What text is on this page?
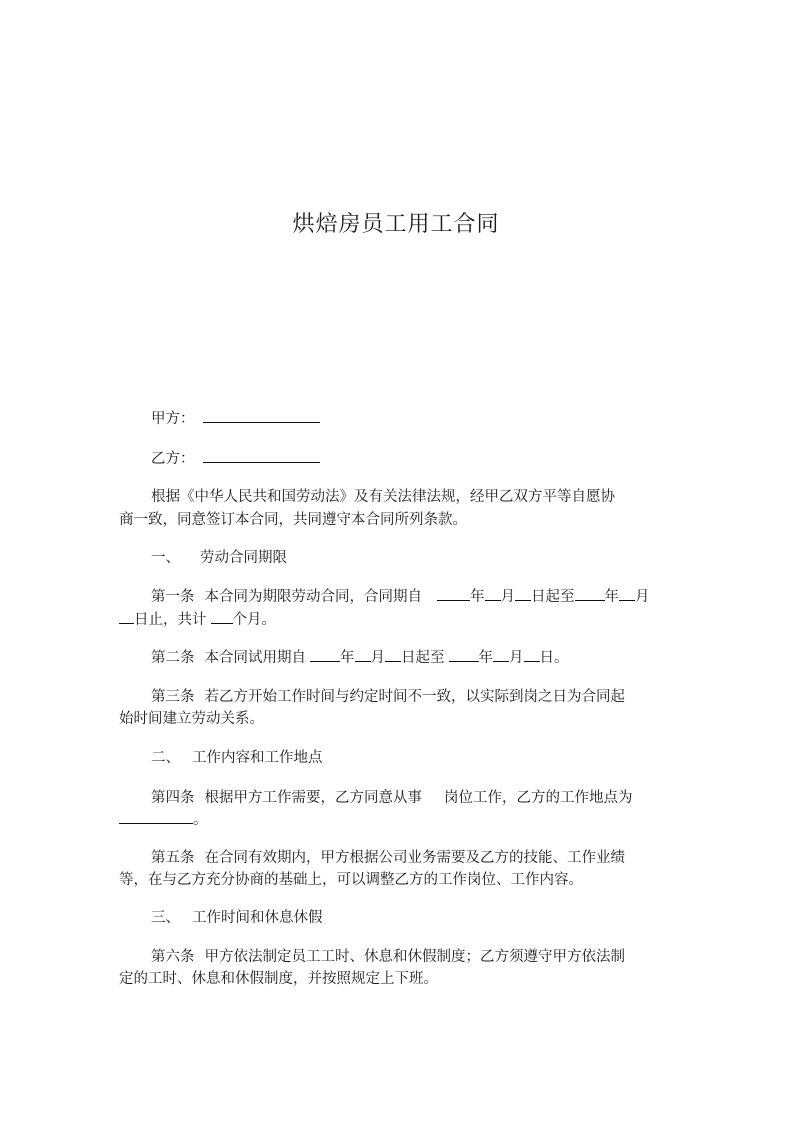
烘焙房员工用工合同
甲方：
乙方：
根据《中华人民共和国劳动法》及有关法律法规，经甲乙双方平等自愿协
商一致，同意签订本合同，共同遵守本合同所列条款。
一、 劳动合同期限
第一条 本合同为期限劳动合同，合同期自	年 月 日起至 年 月
日止，共计 个月。
第二条 本合同试用期自 年 月 日起至 年 月 日。
第三条 若乙方开始工作时间与约定时间不一致，以实际到岗之日为合同起
始时间建立劳动关系。
二、 工作内容和工作地点
第四条 根据甲方工作需要，乙方同意从事 岗位工作，乙方的工作地点为
。
第五条 在合同有效期内，甲方根据公司业务需要及乙方的技能、工作业绩
等，在与乙方充分协商的基础上，可以调整乙方的工作岗位、工作内容。
三、 工作时间和休息休假
第六条 甲方依法制定员工工时、休息和休假制度；乙方须遵守甲方依法制
定的工时、休息和休假制度，并按照规定上下班。
